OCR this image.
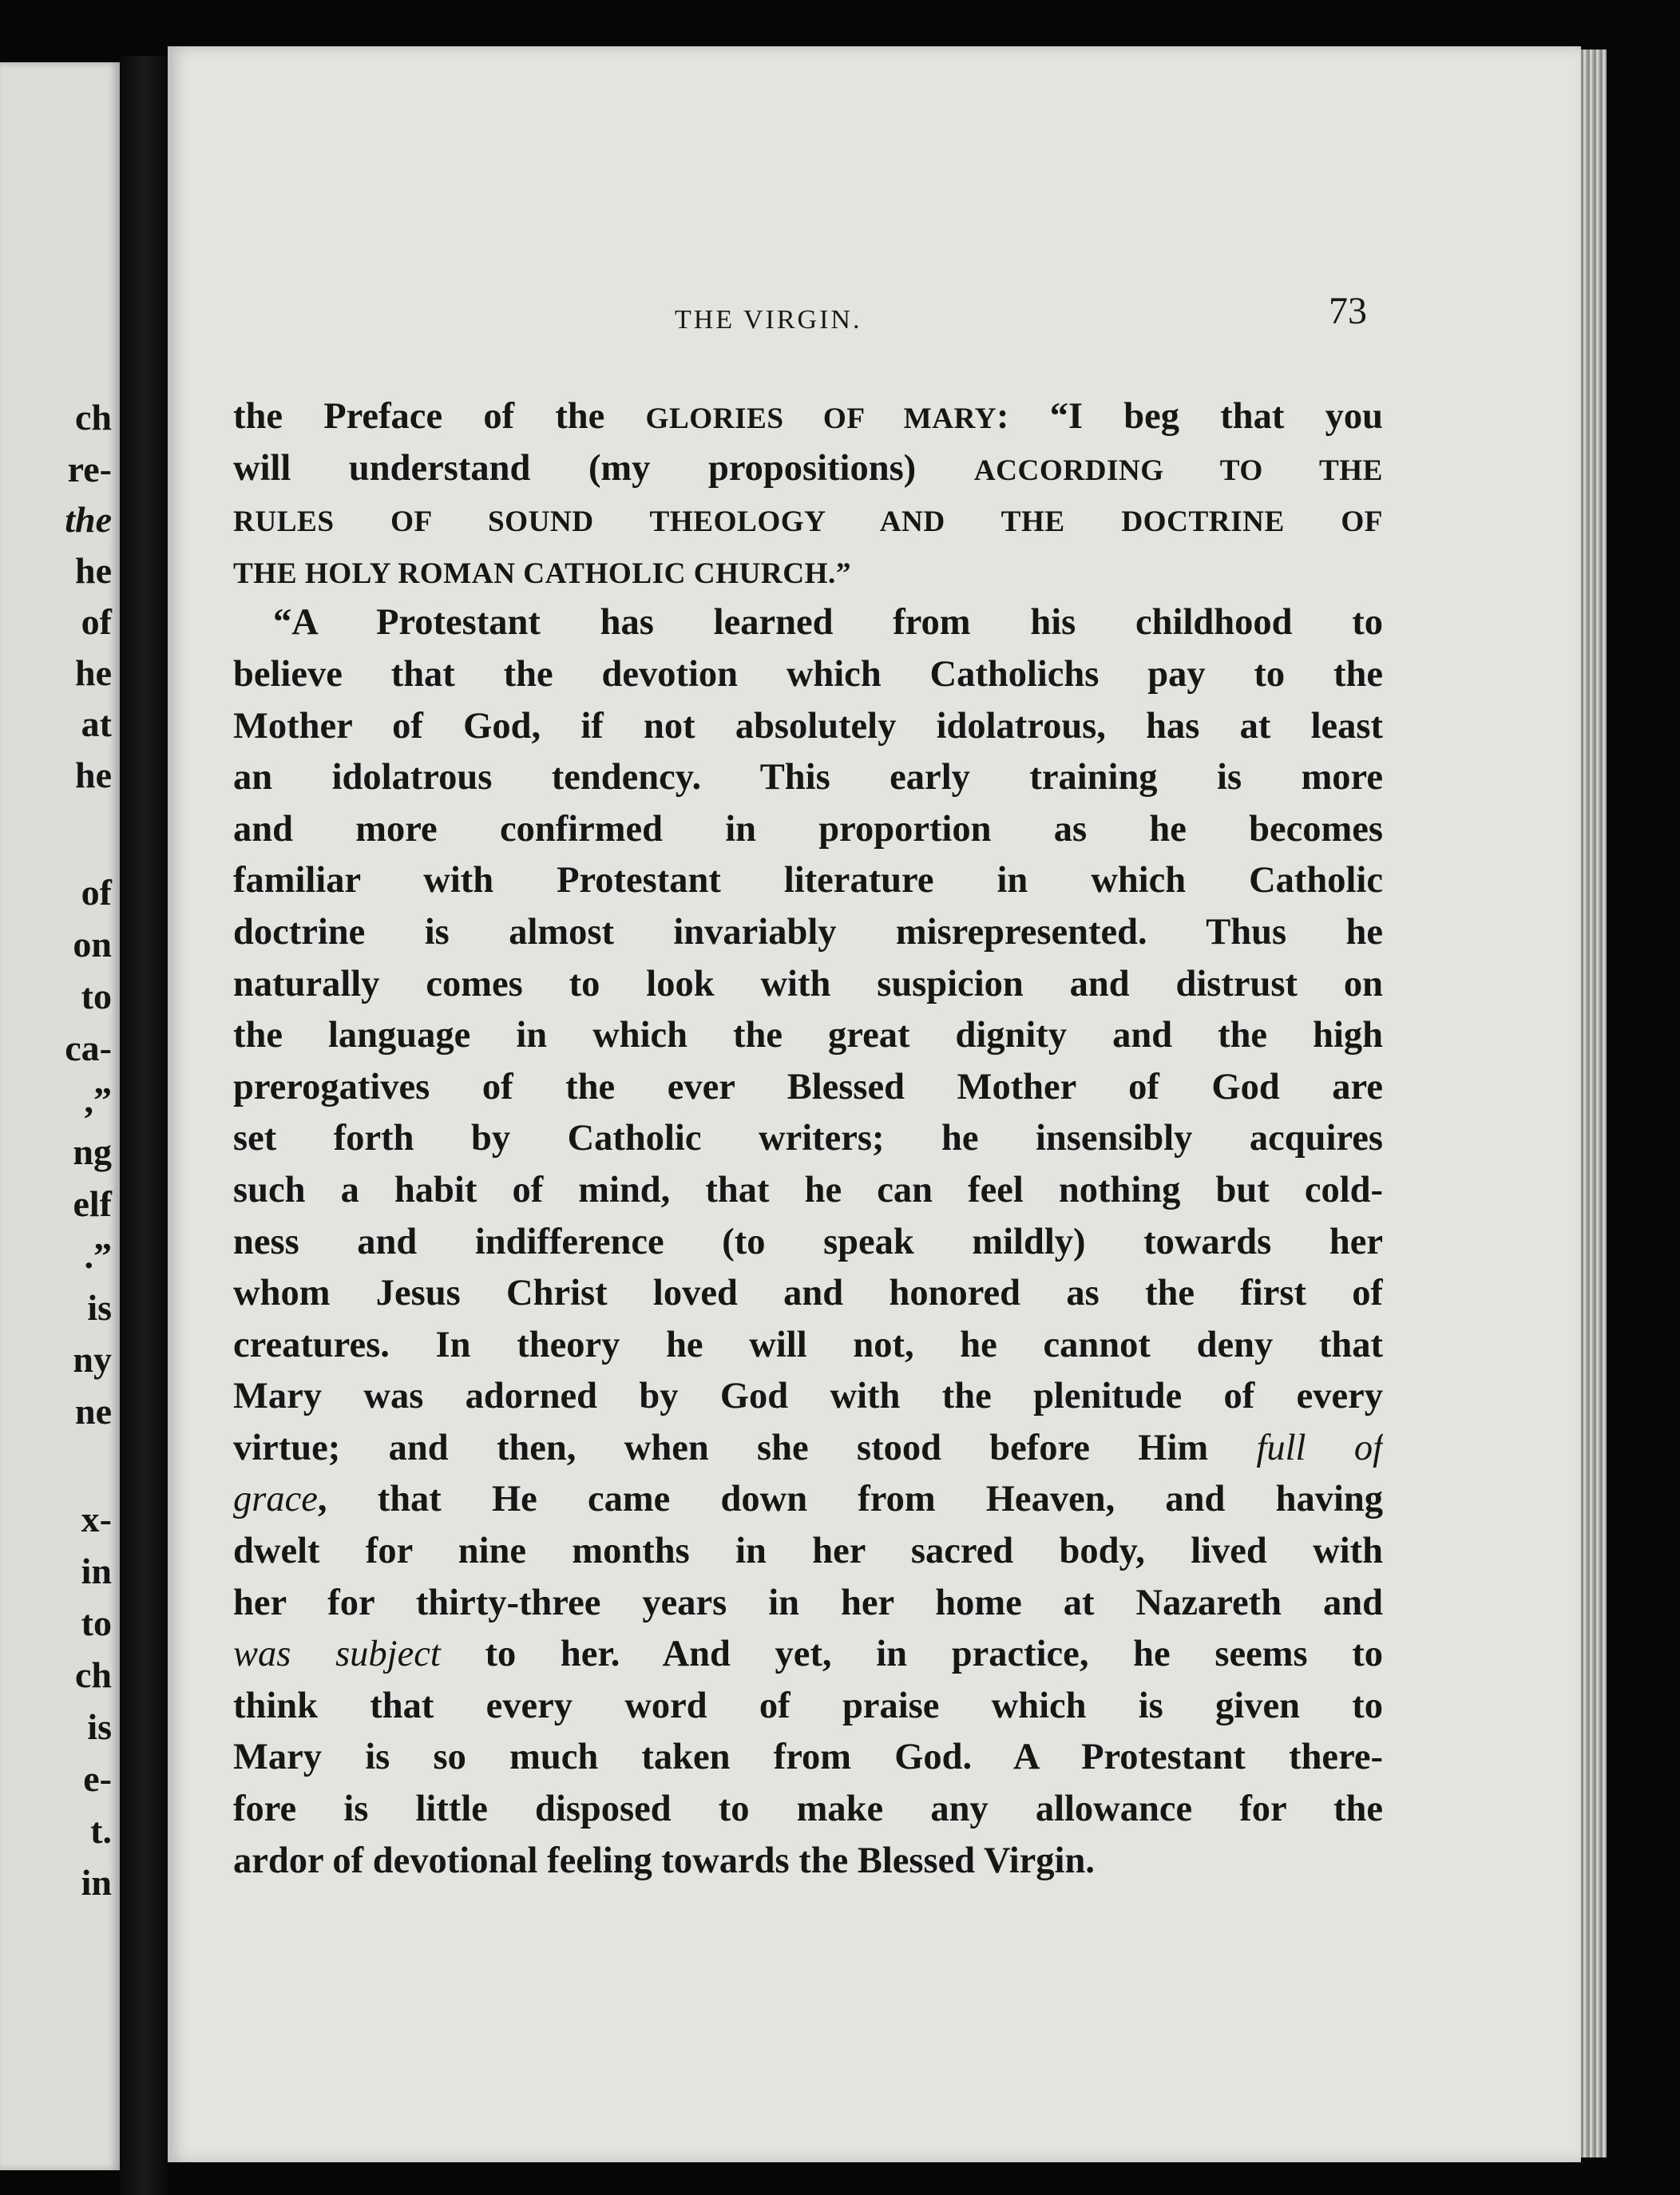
ch
re-
the
he
of
he
at
he
of
on
to
ca-
,”
ng
elf
.”
is
ny
ne
x-
in
to
ch
is
e-
t.
in
THE VIRGIN.	73
the Preface of the GLORIES OF MARY: “I beg that you
will understand (my propositions) ACCORDING TO THE
RULES OF SOUND THEOLOGY AND THE DOCTRINE OF
THE HOLY ROMAN CATHOLIC CHURCH.”
“A Protestant has learned from his childhood to
believe that the devotion which Catholichs pay to the
Mother of God, if not absolutely idolatrous, has at least
an idolatrous tendency. This early training is more
and more confirmed in proportion as he becomes
familiar with Protestant literature in which Catholic
doctrine is almost invariably misrepresented. Thus he
naturally comes to look with suspicion and distrust on
the language in which the great dignity and the high
prerogatives of the ever Blessed Mother of God are
set forth by Catholic writers; he insensibly acquires
such a habit of mind, that he can feel nothing but cold-
ness and indifference (to speak mildly) towards her
whom Jesus Christ loved and honored as the first of
creatures. In theory he will not, he cannot deny that
Mary was adorned by God with the plenitude of every
virtue; and then, when she stood before Him full of
grace, that He came down from Heaven, and having
dwelt for nine months in her sacred body, lived with
her for thirty-three years in her home at Nazareth and
was subject to her. And yet, in practice, he seems to
think that every word of praise which is given to
Mary is so much taken from God. A Protestant there-
fore is little disposed to make any allowance for the
ardor of devotional feeling towards the Blessed Virgin.
